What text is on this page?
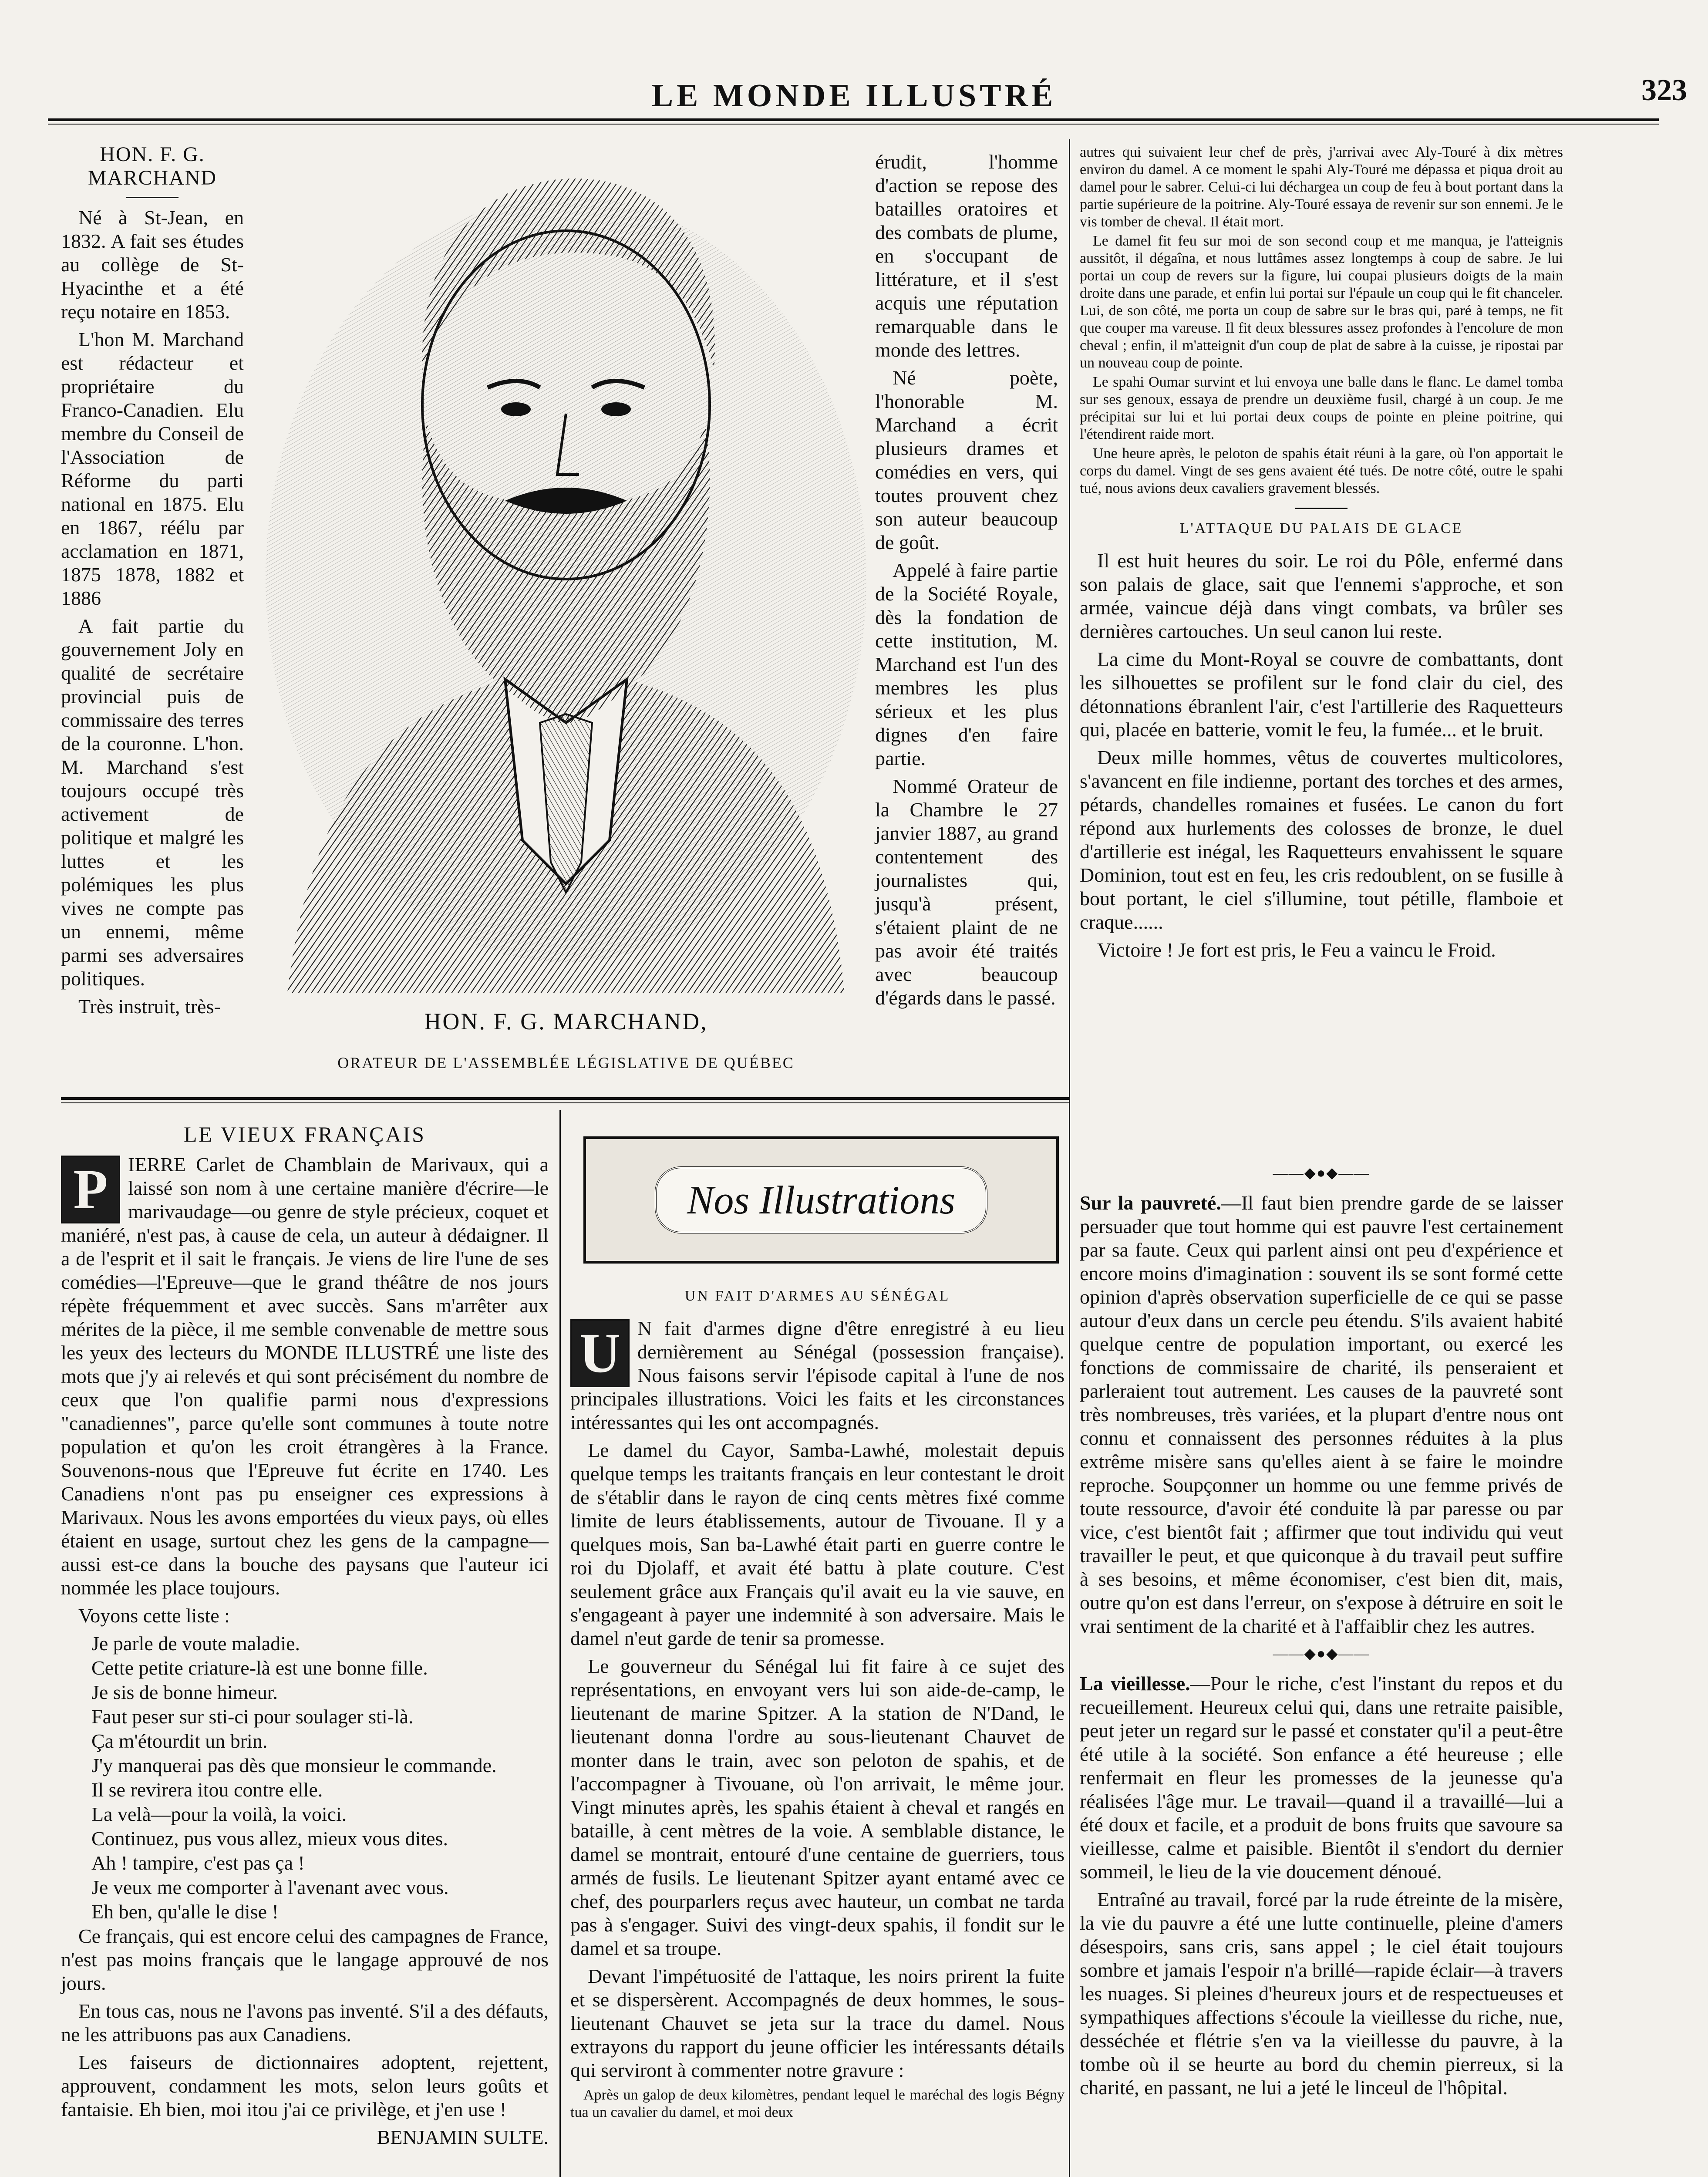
LE MONDE ILLUSTRÉ	323
HON. F. G. MARCHAND

Né à St-Jean, en 1832. A fait ses études au collège de St-Hyacinthe et a été reçu notaire en 1853.

L'hon M. Marchand est rédacteur et propriétaire du Franco-Canadien. Elu membre du Conseil de l'Association de Réforme du parti national en 1875. Elu en 1867, réélu par acclamation en 1871, 1875 1878, 1882 et 1886

A fait partie du gouvernement Joly en qualité de secrétaire provincial puis de commissaire des terres de la couronne. L'hon. M. Marchand s'est toujours occupé très activement de politique et malgré les luttes et les polémiques les plus vives ne compte pas un ennemi, même parmi ses adversaires politiques.

Très instruit, très-

HON. F. G. MARCHAND,
ORATEUR DE L'ASSEMBLÉE LÉGISLATIVE DE QUÉBEC

érudit, l'homme d'action se repose des batailles oratoires et des combats de plume, en s'occupant de littérature, et il s'est acquis une réputation remarquable dans le monde des lettres.

Né poète, l'honorable M. Marchand a écrit plusieurs drames et comédies en vers, qui toutes prouvent chez son auteur beaucoup de goût.

Appelé à faire partie de la Société Royale, dès la fondation de cette institution, M. Marchand est l'un des membres les plus sérieux et les plus dignes d'en faire partie.

Nommé Orateur de la Chambre le 27 janvier 1887, au grand contentement des journalistes qui, jusqu'à présent, s'étaient plaint de ne pas avoir été traités avec beaucoup d'égards dans le passé.

autres qui suivaient leur chef de près, j'arrivai avec Aly-Touré à dix mètres environ du damel. A ce moment le spahi Aly-Touré me dépassa et piqua droit au damel pour le sabrer. Celui-ci lui déchargea un coup de feu à bout portant dans la partie supérieure de la poitrine. Aly-Touré essaya de revenir sur son ennemi. Je le vis tomber de cheval. Il était mort.

Le damel fit feu sur moi de son second coup et me manqua, je l'atteignis aussitôt, il dégaîna, et nous luttâmes assez longtemps à coup de sabre. Je lui portai un coup de revers sur la figure, lui coupai plusieurs doigts de la main droite dans une parade, et enfin lui portai sur l'épaule un coup qui le fit chanceler. Lui, de son côté, me porta un coup de sabre sur le bras qui, paré à temps, ne fit que couper ma vareuse. Il fit deux blessures assez profondes à l'encolure de mon cheval ; enfin, il m'atteignit d'un coup de plat de sabre à la cuisse, je ripostai par un nouveau coup de pointe.

Le spahi Oumar survint et lui envoya une balle dans le flanc. Le damel tomba sur ses genoux, essaya de prendre un deuxième fusil, chargé à un coup. Je me précipitai sur lui et lui portai deux coups de pointe en pleine poitrine, qui l'étendirent raide mort.

Une heure après, le peloton de spahis était réuni à la gare, où l'on apportait le corps du damel. Vingt de ses gens avaient été tués. De notre côté, outre le spahi tué, nous avions deux cavaliers gravement blessés.

L'ATTAQUE DU PALAIS DE GLACE

Il est huit heures du soir. Le roi du Pôle, enfermé dans son palais de glace, sait que l'ennemi s'approche, et son armée, vaincue déjà dans vingt combats, va brûler ses dernières cartouches. Un seul canon lui reste.

La cime du Mont-Royal se couvre de combattants, dont les silhouettes se profilent sur le fond clair du ciel, des détonnations ébranlent l'air, c'est l'artillerie des Raquetteurs qui, placée en batterie, vomit le feu, la fumée... et le bruit.

Deux mille hommes, vêtus de couvertes multicolores, s'avancent en file indienne, portant des torches et des armes, pétards, chandelles romaines et fusées. Le canon du fort répond aux hurlements des colosses de bronze, le duel d'artillerie est inégal, les Raquetteurs envahissent le square Dominion, tout est en feu, les cris redoublent, on se fusille à bout portant, le ciel s'illumine, tout pétille, flamboie et craque......

Victoire ! Je fort est pris, le Feu a vaincu le Froid.

LE VIEUX FRANÇAIS

P	IERRE Carlet de Chamblain de Marivaux, qui a laissé son nom à une certaine manière d'écrire—le marivaudage—ou genre de style précieux, coquet et maniéré, n'est pas, à cause de cela, un auteur à dédaigner. Il a de l'esprit et il sait le français. Je viens de lire l'une de ses comédies—l'Epreuve—que le grand théâtre de nos jours répète fréquemment et avec succès. Sans m'arrêter aux mérites de la pièce, il me semble convenable de mettre sous les yeux des lecteurs du MONDE ILLUSTRÉ une liste des mots que j'y ai relevés et qui sont précisément du nombre de ceux que l'on qualifie parmi nous d'expressions "canadiennes", parce qu'elle sont communes à toute notre population et qu'on les croit étrangères à la France. Souvenons-nous que l'Epreuve fut écrite en 1740. Les Canadiens n'ont pas pu enseigner ces expressions à Marivaux. Nous les avons emportées du vieux pays, où elles étaient en usage, surtout chez les gens de la campagne—aussi est-ce dans la bouche des paysans que l'auteur ici nommée les place toujours.

Voyons cette liste :

Je parle de voute maladie.

Cette petite criature-là est une bonne fille.

Je sis de bonne himeur.

Faut peser sur sti-ci pour soulager sti-là.

Ça m'étourdit un brin.

J'y manquerai pas dès que monsieur le commande.

Il se revirera itou contre elle.

La velà—pour la voilà, la voici.

Continuez, pus vous allez, mieux vous dites.

Ah ! tampire, c'est pas ça !

Je veux me comporter à l'avenant avec vous.

Eh ben, qu'alle le dise !

Ce français, qui est encore celui des campagnes de France, n'est pas moins français que le langage approuvé de nos jours.

En tous cas, nous ne l'avons pas inventé. S'il a des défauts, ne les attribuons pas aux Canadiens.

Les faiseurs de dictionnaires adoptent, rejettent, approuvent, condamnent les mots, selon leurs goûts et fantaisie. Eh bien, moi itou j'ai ce privilège, et j'en use !

BENJAMIN SULTE.
Nos Illustrations
UN FAIT D'ARMES AU SÉNÉGAL

U N fait d'armes digne d'être enregistré à eu lieu dernièrement au Sénégal (possession française). Nous faisons servir l'épisode capital à l'une de nos principales illustrations. Voici les faits et les circonstances intéressantes qui les ont accompagnés.

Le damel du Cayor, Samba-Lawhé, molestait depuis quelque temps les traitants français en leur contestant le droit de s'établir dans le rayon de cinq cents mètres fixé comme limite de leurs établissements, autour de Tivouane. Il y a quelques mois, San ba-Lawhé était parti en guerre contre le roi du Djolaff, et avait été battu à plate couture. C'est seulement grâce aux Français qu'il avait eu la vie sauve, en s'engageant à payer une indemnité à son adversaire. Mais le damel n'eut garde de tenir sa promesse.

Le gouverneur du Sénégal lui fit faire à ce sujet des représentations, en envoyant vers lui son aide-de-camp, le lieutenant de marine Spitzer. A la station de N'Dand, le lieutenant donna l'ordre au sous-lieutenant Chauvet de monter dans le train, avec son peloton de spahis, et de l'accompagner à Tivouane, où l'on arrivait, le même jour. Vingt minutes après, les spahis étaient à cheval et rangés en bataille, à cent mètres de la voie. A semblable distance, le damel se montrait, entouré d'une centaine de guerriers, tous armés de fusils. Le lieutenant Spitzer ayant entamé avec ce chef, des pourparlers reçus avec hauteur, un combat ne tarda pas à s'engager. Suivi des vingt-deux spahis, il fondit sur le damel et sa troupe.

Devant l'impétuosité de l'attaque, les noirs prirent la fuite et se dispersèrent. Accompagnés de deux hommes, le sous-lieutenant Chauvet se jeta sur la trace du damel. Nous extrayons du rapport du jeune officier les intéressants détails qui serviront à commenter notre gravure :

Après un galop de deux kilomètres, pendant lequel le maréchal des logis Bégny tua un cavalier du damel, et moi deux

——◆●◆——

Sur la pauvreté.—Il faut bien prendre garde de se laisser persuader que tout homme qui est pauvre l'est certainement par sa faute. Ceux qui parlent ainsi ont peu d'expérience et encore moins d'imagination : souvent ils se sont formé cette opinion d'après observation superficielle de ce qui se passe autour d'eux dans un cercle peu étendu. S'ils avaient habité quelque centre de population important, ou exercé les fonctions de commissaire de charité, ils penseraient et parleraient tout autrement. Les causes de la pauvreté sont très nombreuses, très variées, et la plupart d'entre nous ont connu et connaissent des personnes réduites à la plus extrême misère sans qu'elles aient à se faire le moindre reproche. Soupçonner un homme ou une femme privés de toute ressource, d'avoir été conduite là par paresse ou par vice, c'est bientôt fait ; affirmer que tout individu qui veut travailler le peut, et que quiconque à du travail peut suffire à ses besoins, et même économiser, c'est bien dit, mais, outre qu'on est dans l'erreur, on s'expose à détruire en soit le vrai sentiment de la charité et à l'affaiblir chez les autres.

——◆●◆——

La vieillesse.—Pour le riche, c'est l'instant du repos et du recueillement. Heureux celui qui, dans une retraite paisible, peut jeter un regard sur le passé et constater qu'il a peut-être été utile à la société. Son enfance a été heureuse ; elle renfermait en fleur les promesses de la jeunesse qu'a réalisées l'âge mur. Le travail—quand il a travaillé—lui a été doux et facile, et a produit de bons fruits que savoure sa vieillesse, calme et paisible. Bientôt il s'endort du dernier sommeil, le lieu de la vie doucement dénoué.

Entraîné au travail, forcé par la rude étreinte de la misère, la vie du pauvre a été une lutte continuelle, pleine d'amers désespoirs, sans cris, sans appel ; le ciel était toujours sombre et jamais l'espoir n'a brillé—rapide éclair—à travers les nuages. Si pleines d'heureux jours et de respectueuses et sympathiques affections s'écoule la vieillesse du riche, nue, desséchée et flétrie s'en va la vieillesse du pauvre, à la tombe où il se heurte au bord du chemin pierreux, si la charité, en passant, ne lui a jeté le linceul de l'hôpital.
